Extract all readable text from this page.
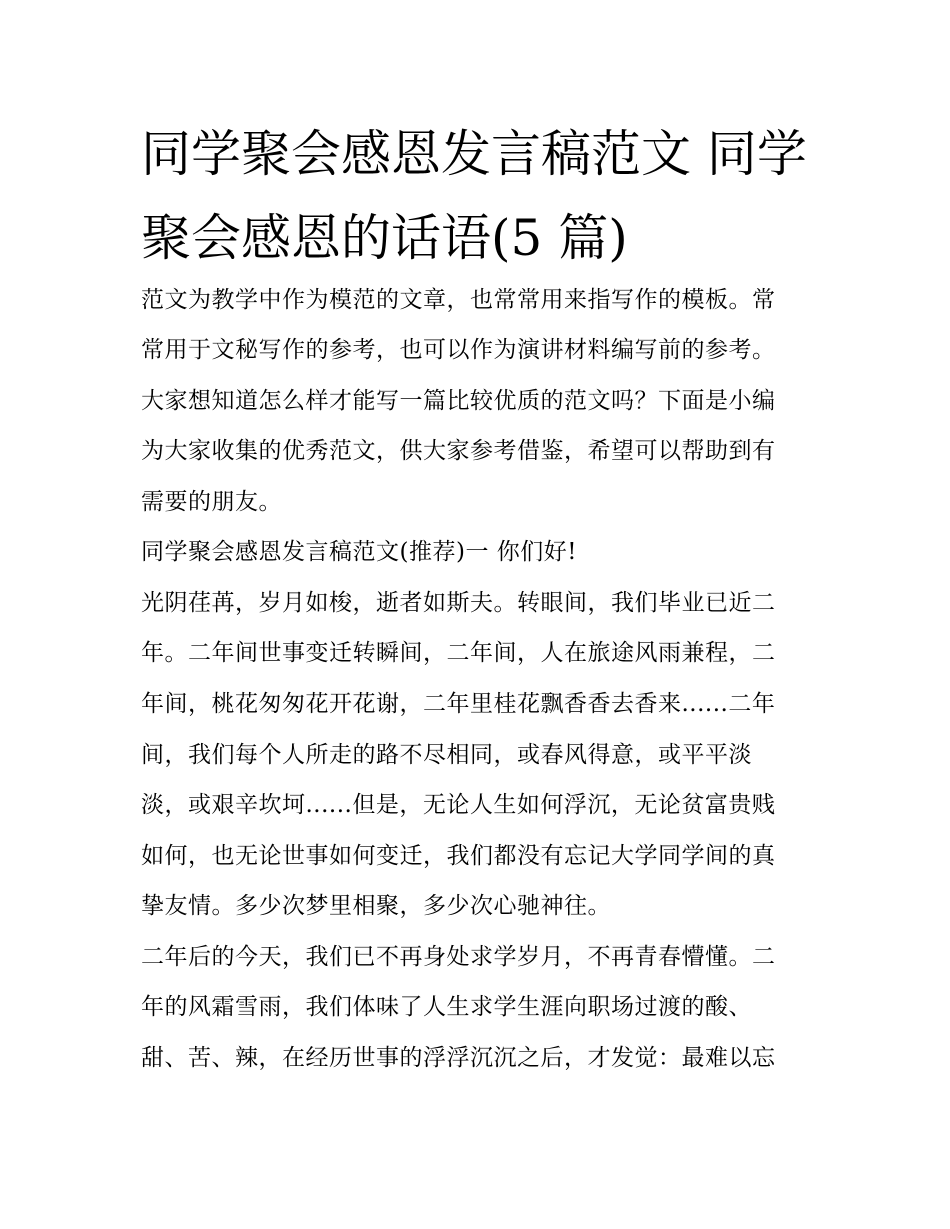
同学聚会感恩发言稿范文 同学
聚会感恩的话语(5 篇)
范文为教学中作为模范的文章，也常常用来指写作的模板。常
常用于文秘写作的参考，也可以作为演讲材料编写前的参考。
大家想知道怎么样才能写一篇比较优质的范文吗？下面是小编
为大家收集的优秀范文，供大家参考借鉴，希望可以帮助到有
需要的朋友。
同学聚会感恩发言稿范文(推荐)一 你们好!
光阴荏苒，岁月如梭，逝者如斯夫。转眼间，我们毕业已近二
年。二年间世事变迁转瞬间，二年间，人在旅途风雨兼程，二
年间，桃花匆匆花开花谢，二年里桂花飘香香去香来......二年
间，我们每个人所走的路不尽相同，或春风得意，或平平淡
淡，或艰辛坎坷......但是，无论人生如何浮沉，无论贫富贵贱
如何，也无论世事如何变迁，我们都没有忘记大学同学间的真
挚友情。多少次梦里相聚，多少次心驰神往。
二年后的今天，我们已不再身处求学岁月，不再青春懵懂。二
年的风霜雪雨，我们体味了人生求学生涯向职场过渡的酸、
甜、苦、辣，在经历世事的浮浮沉沉之后，才发觉：最难以忘
